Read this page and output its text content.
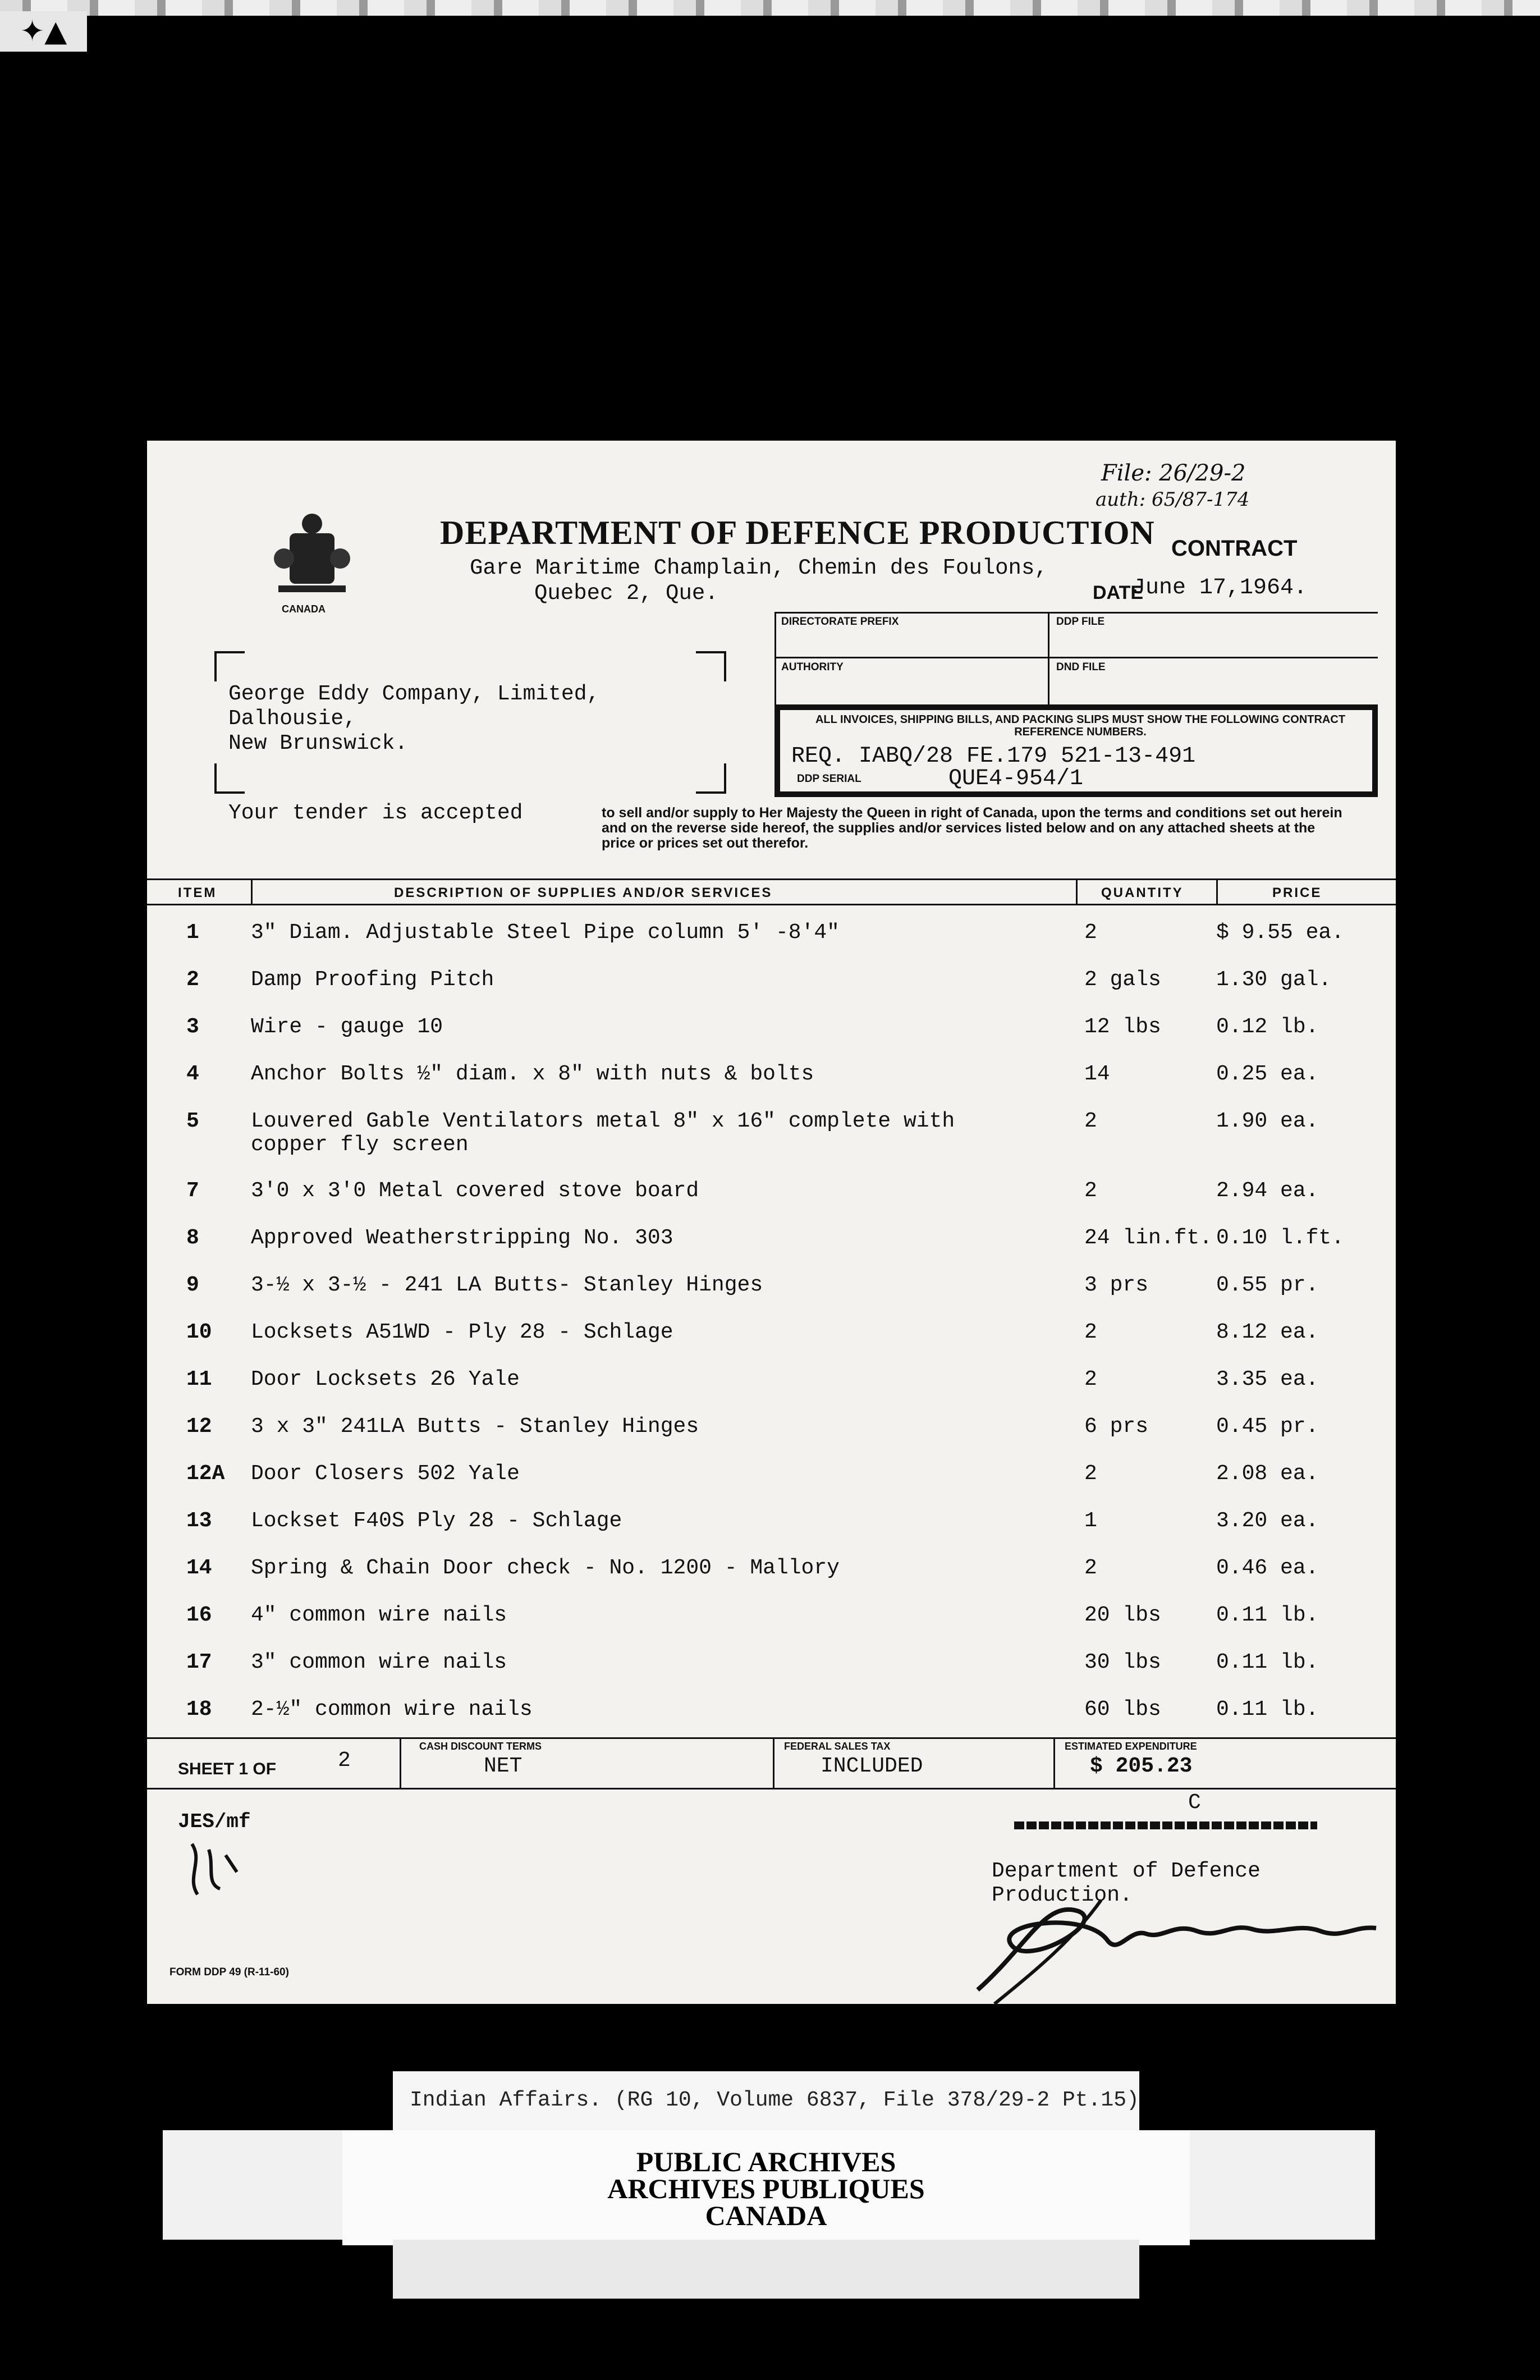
✦▲
CANADA
DEPARTMENT OF DEFENCE PRODUCTION
Gare Maritime Champlain, Chemin des Foulons,
Quebec 2, Que.
File: 26/29-2
auth: 65/87-174
CONTRACT
DATE
June 17,1964.
DIRECTORATE PREFIX	DDP FILE
AUTHORITY	DND FILE
George Eddy Company, Limited,
Dalhousie,
New Brunswick.
ALL INVOICES, SHIPPING BILLS, AND PACKING SLIPS MUST SHOW THE FOLLOWING CONTRACT REFERENCE NUMBERS.
REQ. IABQ/28 FE.179 521-13-491
DDP SERIAL	QUE4-954/1
Your tender is accepted	to sell and/or supply to Her Majesty the Queen in right of Canada, upon the terms and conditions set out herein and on the reverse side hereof, the supplies and/or services listed below and on any attached sheets at the price or prices set out therefor.
ITEM	DESCRIPTION OF SUPPLIES AND/OR SERVICES	QUANTITY	PRICE
1 3" Diam. Adjustable Steel Pipe column 5' -8'4"	2	$ 9.55 ea.
2 Damp Proofing Pitch	2 gals	1.30 gal.
3 Wire - gauge 10	12 lbs	0.12 lb.
4 Anchor Bolts ½" diam. x 8" with nuts & bolts	14	0.25 ea.
5 Louvered Gable Ventilators metal 8" x 16" complete with	2	1.90 ea.
copper fly screen
7 3'0 x 3'0 Metal covered stove board	2	2.94 ea.
8 Approved Weatherstripping No. 303	24 lin.ft. 0.10 l.ft.
9 3-½ x 3-½ - 241 LA Butts- Stanley Hinges	3 prs	0.55 pr.
10 Locksets A51WD - Ply 28 - Schlage	2	8.12 ea.
11 Door Locksets 26 Yale	2	3.35 ea.
12 3 x 3" 241LA Butts - Stanley Hinges	6 prs	0.45 pr.
12A Door Closers 502 Yale	2	2.08 ea.
13 Lockset F40S Ply 28 - Schlage	1	3.20 ea.
14 Spring & Chain Door check - No. 1200 - Mallory	2	0.46 ea.
16 4" common wire nails	20 lbs	0.11 lb.
17 3" common wire nails	30 lbs	0.11 lb.
18 2-½" common wire nails	60 lbs	0.11 lb.
SHEET 1 OF	2
CASH DISCOUNT TERMS
NET
FEDERAL SALES TAX
INCLUDED
ESTIMATED EXPENDITURE
$ 205.23
JES/mf
C
Department of Defence Production.
FORM DDP 49 (R-11-60)
Indian Affairs. (RG 10, Volume 6837, File 378/29-2 Pt.15)
PUBLIC ARCHIVES
ARCHIVES PUBLIQUES
CANADA
